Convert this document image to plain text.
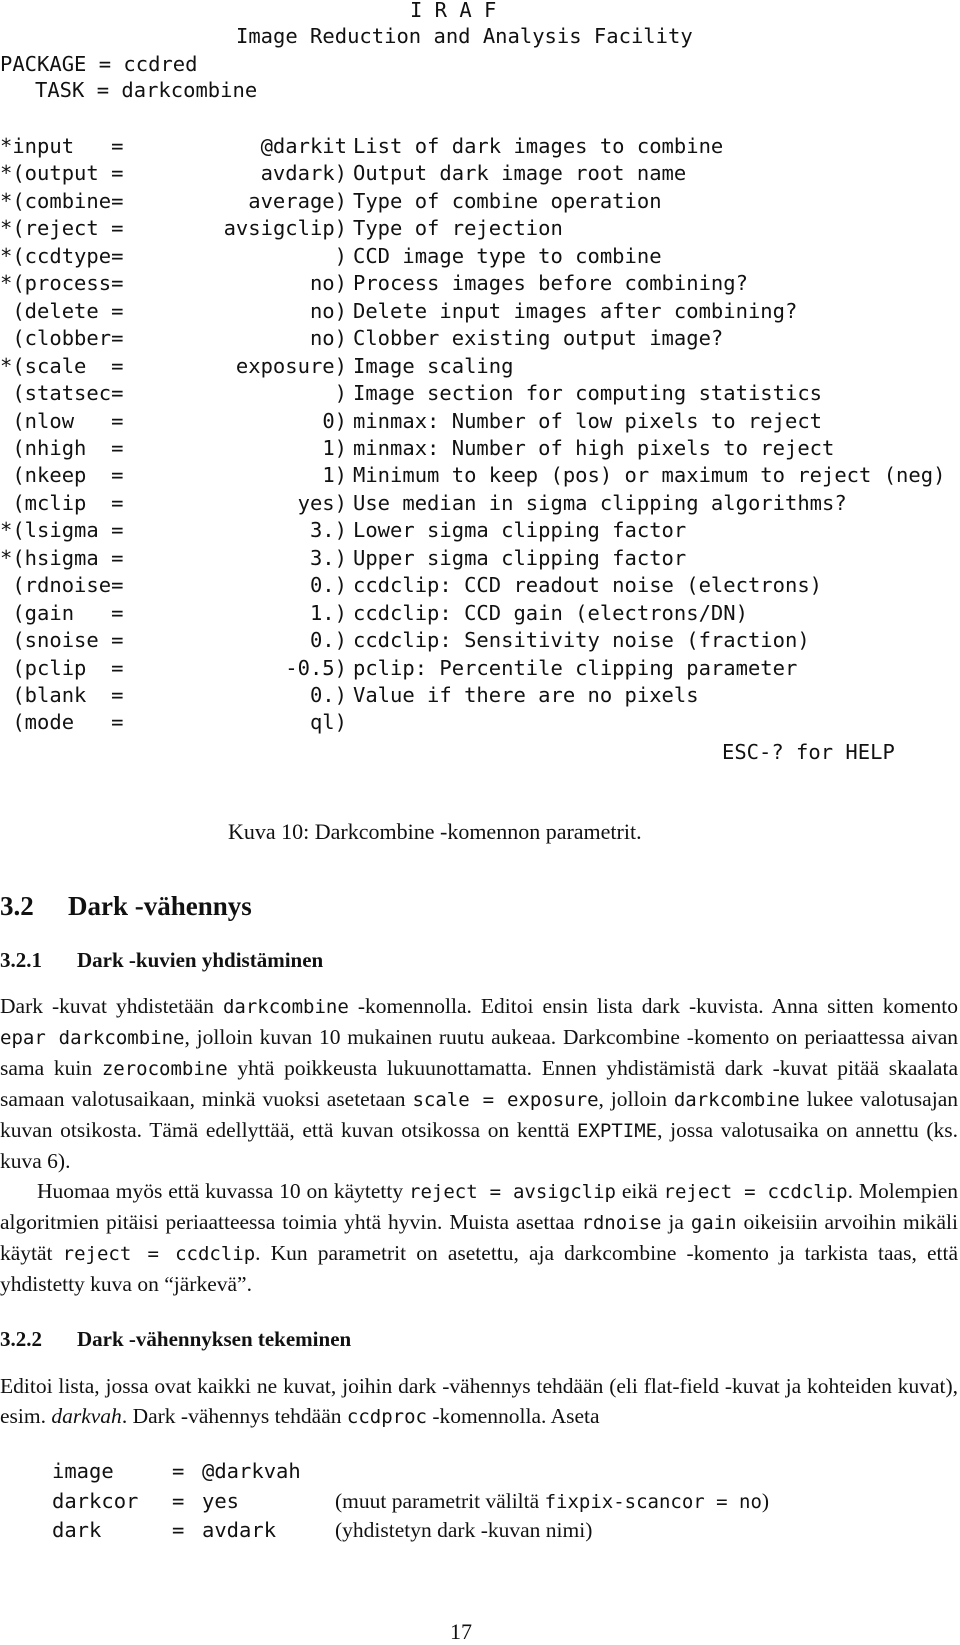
I R A F
Image Reduction and Analysis Facility
PACKAGE = ccdred
TASK = darkcombine
*input   =	@darkit List of dark images to combine
*(output =	avdark) Output dark image root name
*(combine=	average) Type of combine operation
*(reject =	avsigclip) Type of rejection
*(ccdtype=	) CCD image type to combine
*(process=	no) Process images before combining?
(delete =	no) Delete input images after combining?
(clobber=	no) Clobber existing output image?
*(scale  =	exposure) Image scaling
(statsec=	) Image section for computing statistics
(nlow   =	0) minmax: Number of low pixels to reject
(nhigh  =	1) minmax: Number of high pixels to reject
(nkeep  =	1) Minimum to keep (pos) or maximum to reject (neg)
(mclip  =	yes) Use median in sigma clipping algorithms?
*(lsigma =	3.) Lower sigma clipping factor
*(hsigma =	3.) Upper sigma clipping factor
(rdnoise=	0.) ccdclip: CCD readout noise (electrons)
(gain   =	1.) ccdclip: CCD gain (electrons/DN)
(snoise =	0.) ccdclip: Sensitivity noise (fraction)
(pclip  =	-0.5) pclip: Percentile clipping parameter
(blank  =	0.) Value if there are no pixels
(mode   =	ql)
ESC-? for HELP
Kuva 10: Darkcombine -komennon parametrit.
3.2 Dark -vähennys
3.2.1 Dark -kuvien yhdistäminen

Dark -kuvat yhdistetään darkcombine -komennolla. Editoi ensin lista dark -kuvista. Anna sitten komento epar darkcombine, jolloin kuvan 10 mukainen ruutu aukeaa. Darkcombine -komento on periaattessa aivan sama kuin zerocombine yhtä poikkeusta lukuunottamatta. Ennen yhdistämistä dark -kuvat pitää skaalata samaan valotusaikaan, minkä vuoksi asetetaan scale = exposure, jolloin darkcombine lukee valotusajan kuvan otsikosta. Tämä edellyttää, että kuvan otsikossa on kenttä EXPTIME, jossa valotusaika on annettu (ks. kuva 6).

Huomaa myös että kuvassa 10 on käytetty reject = avsigclip eikä reject = ccdclip. Molempien algoritmien pitäisi periaatteessa toimia yhtä hyvin. Muista asettaa rdnoise ja gain oikeisiin arvoihin mikäli käytät reject = ccdclip. Kun parametrit on asetettu, aja darkcombine -komento ja tarkista taas, että yhdistetty kuva on “järkevä”.

3.2.2 Dark -vähennyksen tekeminen

Editoi lista, jossa ovat kaikki ne kuvat, joihin dark -vähennys tehdään (eli flat-field -kuvat ja kohteiden kuvat), esim. darkvah. Dark -vähennys tehdään ccdproc -komennolla. Aseta

image	= @darkvah
darkcor = yes	(muut parametrit väliltä fixpix-scancor = no)
dark	= avdark	(yhdistetyn dark -kuvan nimi)
17
